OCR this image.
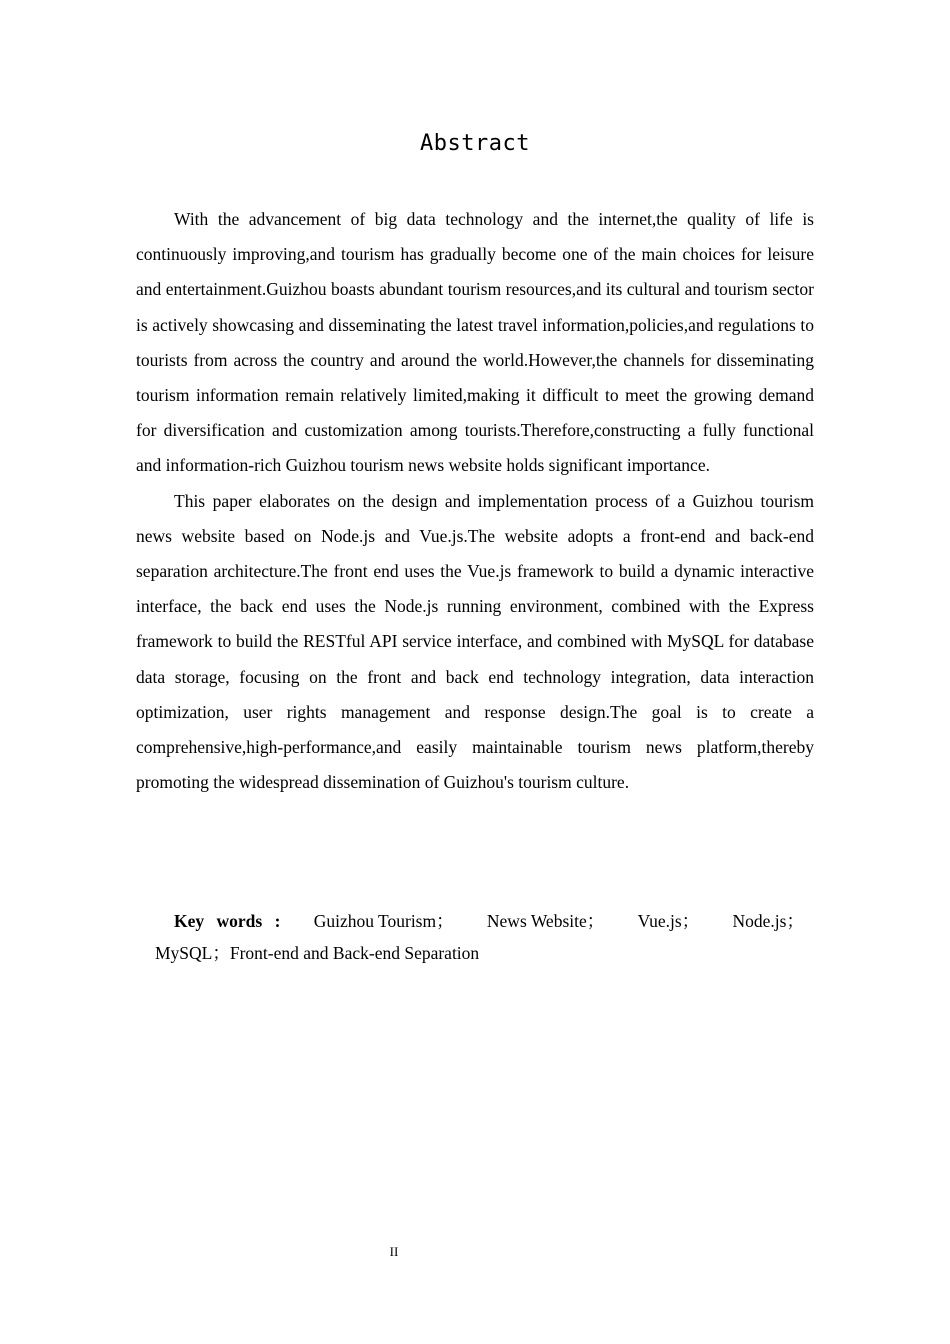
Abstract

With the advancement of big data technology and the internet,the quality of life is continuously improving,and tourism has gradually become one of the main choices for leisure and entertainment.Guizhou boasts abundant tourism resources,and its cultural and tourism sector is actively showcasing and disseminating the latest travel information,policies,and regulations to tourists from across the country and around the world.However,the channels for disseminating tourism information remain relatively limited,making it difficult to meet the growing demand for diversification and customization among tourists.Therefore,constructing a fully functional and information-rich Guizhou tourism news website holds significant importance.

This paper elaborates on the design and implementation process of a Guizhou tourism news website based on Node.js and Vue.js.The website adopts a front-end and back-end separation architecture.The front end uses the Vue.js framework to build a dynamic interactive interface, the back end uses the Node.js running environment, combined with the Express framework to build the RESTful API service interface, and combined with MySQL for database data storage, focusing on the front and back end technology integration, data interaction optimization, user rights management and response design.The goal is to create a comprehensive,high-performance,and easily maintainable tourism news platform,thereby promoting the widespread dissemination of Guizhou's tourism culture.

Key words : Guizhou Tourism； News Website； Vue.js； Node.js；
MySQL；Front-end and Back-end Separation
II
